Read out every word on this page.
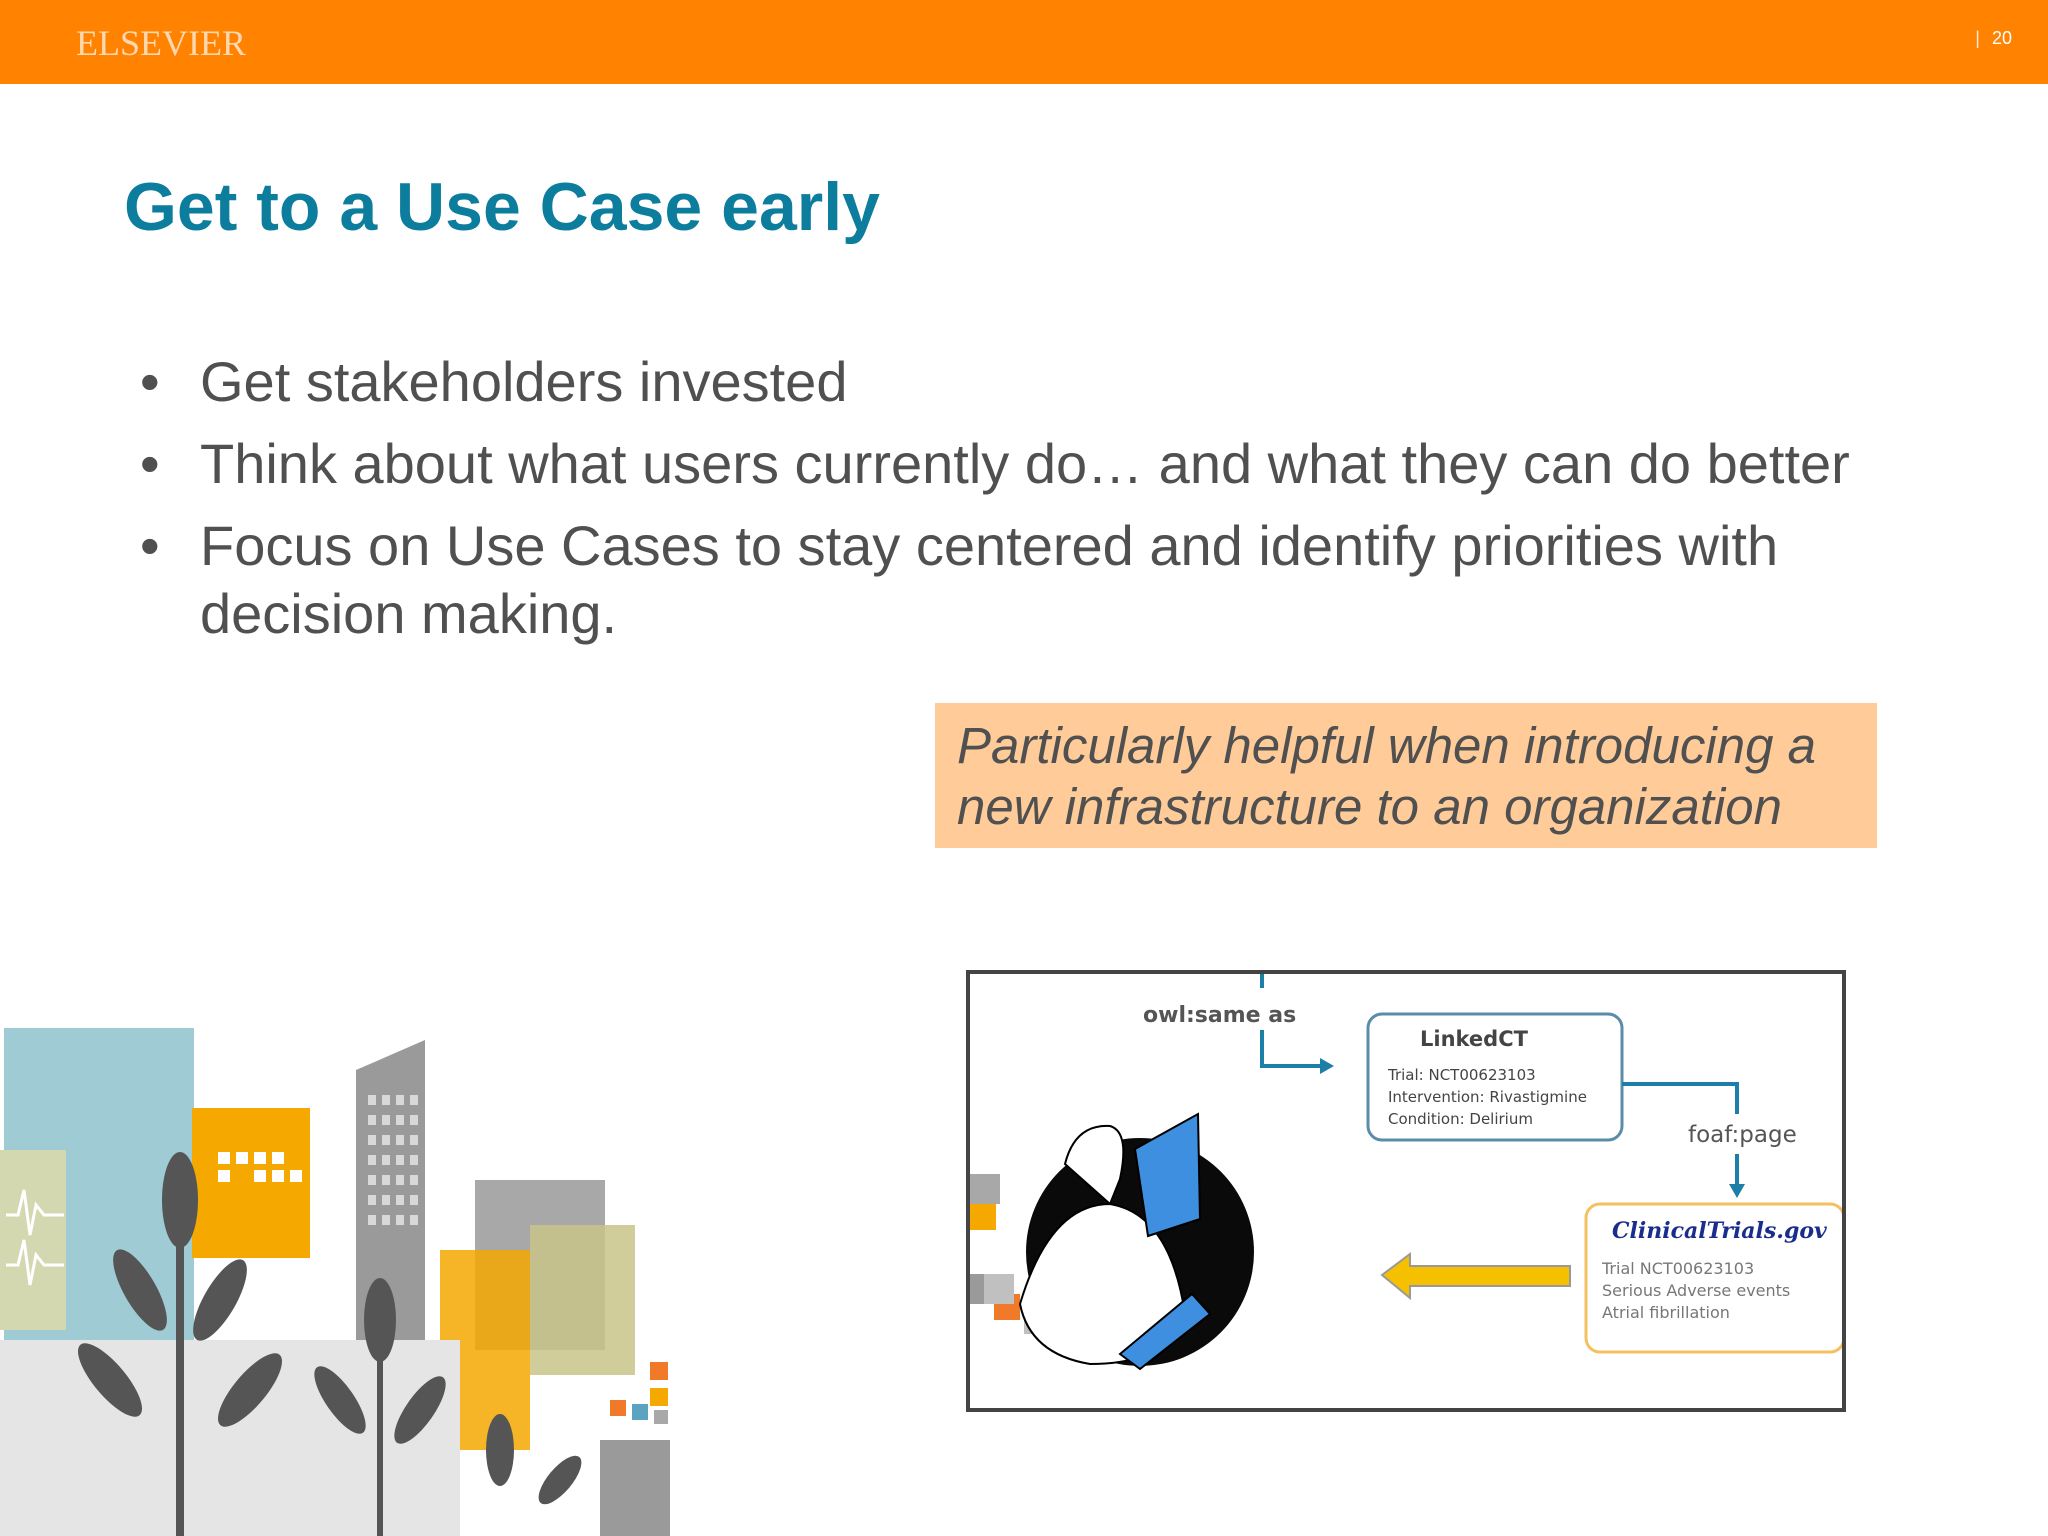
ELSEVIER	| 20
Get to a Use Case early
• Get stakeholders invested
• Think about what users currently do… and what they can do better
• Focus on Use Cases to stay centered and identify priorities with decision making.
Particularly helpful when introducing a
new infrastructure to an organization
owl:same as
LinkedCT
Trial: NCT00623103
Intervention: Rivastigmine
Condition: Delirium
foaf:page
ClinicalTrials.gov
Trial NCT00623103
Serious Adverse events
Atrial fibrillation
